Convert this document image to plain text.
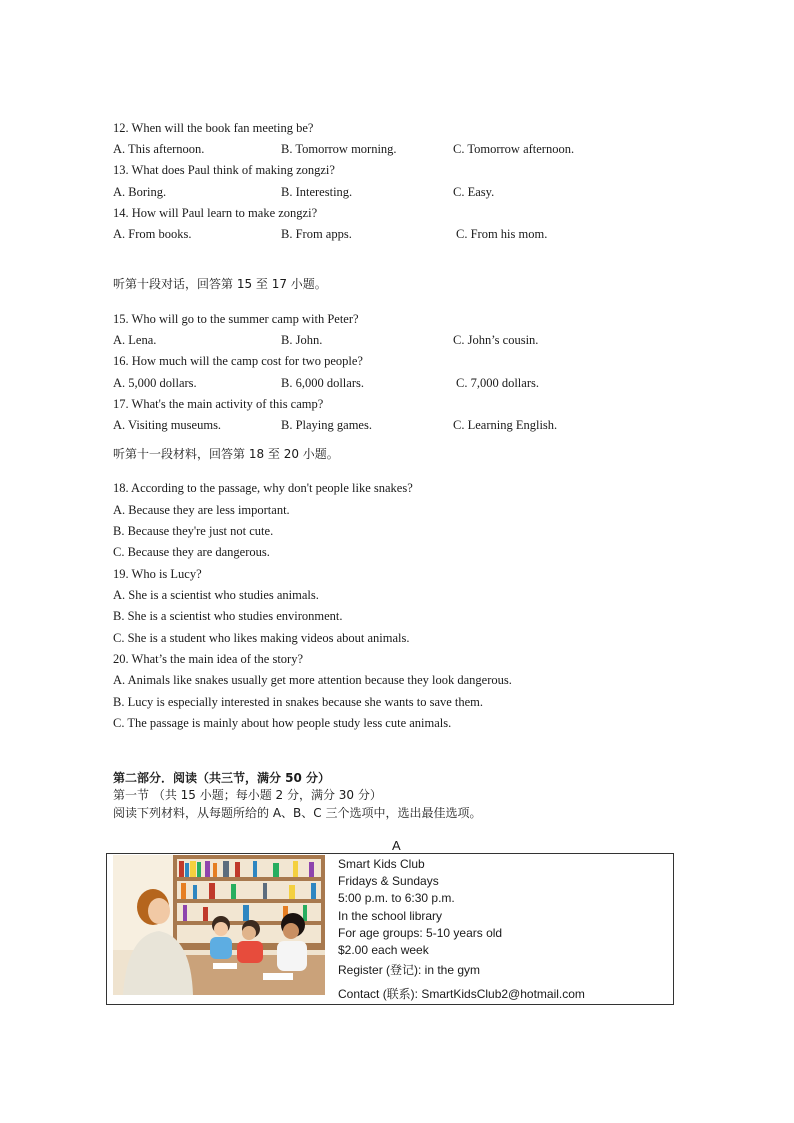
12. When will the book fan meeting be?
A. This afternoon.	B. Tomorrow morning.	C. Tomorrow afternoon.
13. What does Paul think of making zongzi?
A. Boring.	B. Interesting.	C. Easy.
14. How will Paul learn to make zongzi?
A. From books.	B. From apps.	C. From his mom.
听第十段对话，回答第 15 至 17 小题。
15. Who will go to the summer camp with Peter?
A. Lena.	B. John.	C. John’s cousin.
16. How much will the camp cost for two people?
A. 5,000 dollars.	B. 6,000 dollars.	C. 7,000 dollars.
17. What's the main activity of this camp?
A. Visiting museums.	B. Playing games.	C. Learning English.
听第十一段材料，回答第 18 至 20 小题。
18. According to the passage, why don't people like snakes?
A. Because they are less important.
B. Because they're just not cute.
C. Because they are dangerous.
19. Who is Lucy?
A. She is a scientist who studies animals.
B. She is a scientist who studies environment.
C. She is a student who likes making videos about animals.
20. What’s the main idea of the story?
A. Animals like snakes usually get more attention because they look dangerous.
B. Lucy is especially interested in snakes because she wants to save them.
C. The passage is mainly about how people study less cute animals.
第二部分．阅读（共三节，满分 50 分）
第一节 （共 15 小题；每小题 2 分，满分 30 分）
阅读下列材料，从每题所给的 A、B、C 三个选项中，选出最佳选项。
A
Smart Kids Club
Fridays & Sundays
5:00 p.m. to 6:30 p.m.
In the school library
For age groups: 5-10 years old
$2.00 each week
Register (登记): in the gym
Contact (联系): SmartKidsClub2@hotmail.com
